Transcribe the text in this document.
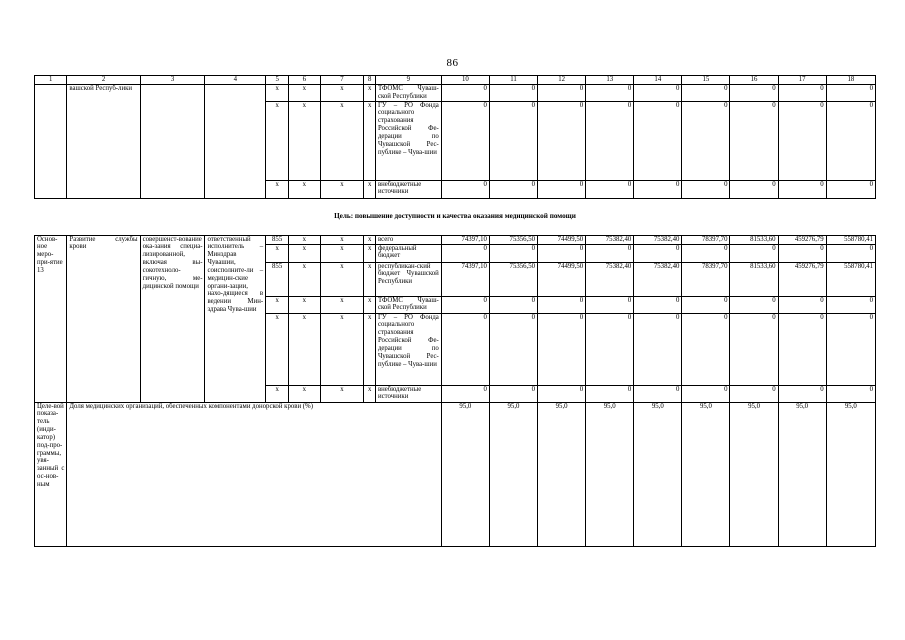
86
1	2	3	4	5	6	7	8	9	10	11	12	13	14	15	16	17	18
	вашской Респуб-лики			x	x	x	x	ТФОМС Чуваш-ской Республики	0	0	0	0	0	0	0	0	0
				x	x	x	x	ГУ – РО Фонда социального страхования Российской Фе-дерации по Чувашской Рес-публике – Чува-шии	0	0	0	0	0	0	0	0	0
				x	x	x	x	внебюджетные источники	0	0	0	0	0	0	0	0	0

Цель: повышение доступности и качества оказания медицинской помощи																	

Основ-ное меро-при-ятие 13	Развитие службы крови	совершенст-вование ока-зания специа-лизированной, включая вы-сокотехноло-гичную, ме-дицинской помощи	ответственный исполнитель – Минздрав Чувашии, соисполните-ли – медицин-ские органи-зации, нахо-дящиеся в ведении Мин-здрава Чува-шии	855	x	x	x	всего	74397,10	75356,50	74499,50	75382,40	75382,40	78397,70	81533,60	459276,79	558780,41
				x	x	x	x	федеральный бюджет	0	0	0	0	0	0	0	0	0
				855	x	x	x	республикан-ский бюджет Чувашской Республики	74397,10	75356,50	74499,50	75382,40	75382,40	78397,70	81533,60	459276,79	558780,41
				x	x	x	x	ТФОМС Чуваш-ской Республики	0	0	0	0	0	0	0	0	0
				x	x	x	x	ГУ – РО Фонда социального страхования Российской Фе-дерации по Чувашской Рес-публике – Чува-шии	0	0	0	0	0	0	0	0	0
				x	x	x	x	внебюджетные источники	0	0	0	0	0	0	0	0	0
Целе-вой показа-тель (инди-катор) под-про-граммы, увя-занный с ос-нов-ным	Доля медицинских организаций, обеспеченных компонентами донорской крови (%)								95,0	95,0	95,0	95,0	95,0	95,0	95,0	95,0	95,0
